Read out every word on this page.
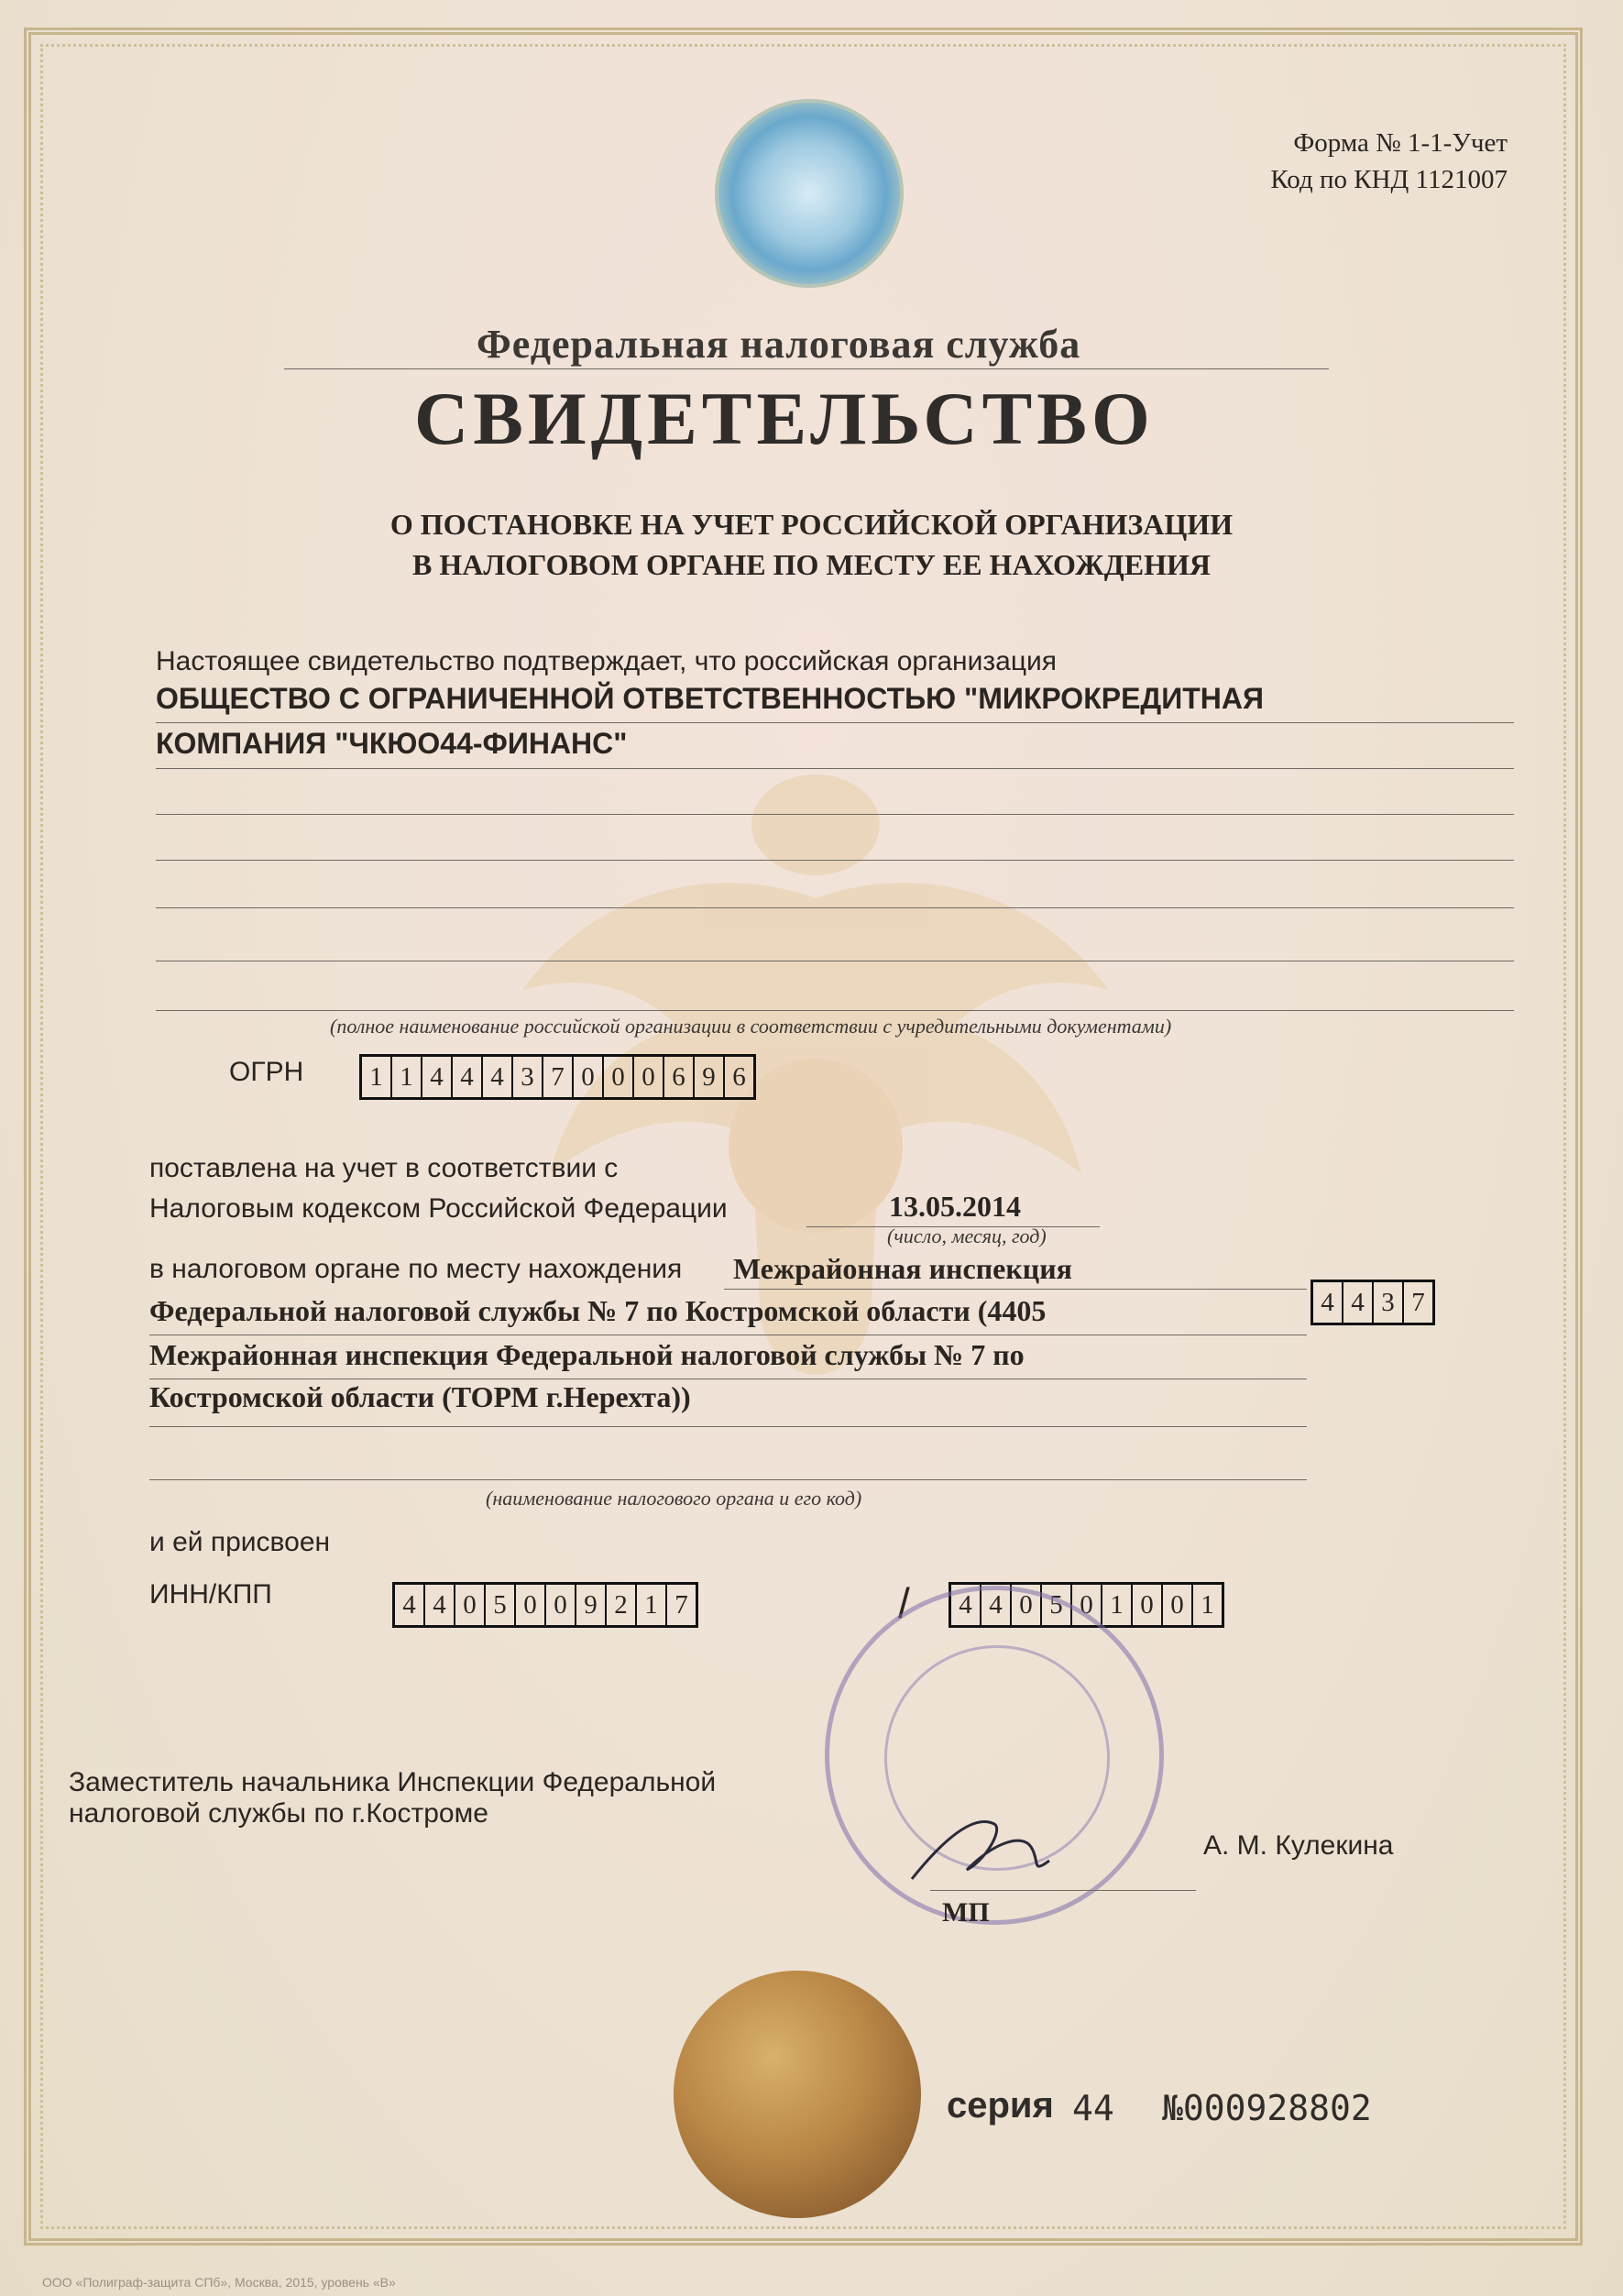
Форма № 1-1-Учет
Код по КНД 1121007
Федеральная налоговая служба
СВИДЕТЕЛЬСТВО
О ПОСТАНОВКЕ НА УЧЕТ РОССИЙСКОЙ ОРГАНИЗАЦИИ
В НАЛОГОВОМ ОРГАНЕ ПО МЕСТУ ЕЕ НАХОЖДЕНИЯ
Настоящее свидетельство подтверждает, что российская организация
ОБЩЕСТВО С ОГРАНИЧЕННОЙ ОТВЕТСТВЕННОСТЬЮ "МИКРОКРЕДИТНАЯ
КОМПАНИЯ "ЧКЮО44-ФИНАНС"
(полное наименование российской организации в соответствии с учредительными документами)
ОГРН 1 1 4 4 4 3 7 0 0 0 6 9 6
поставлена на учет в соответствии с
Налоговым кодексом Российской Федерации	13.05.2014
(число, месяц, год)
в налоговом органе по месту нахождения Межрайонная инспекция
Федеральной налоговой службы № 7 по Костромской области (4405	4 4 3 7
Межрайонная инспекция Федеральной налоговой службы № 7 по
Костромской области (ТОРМ г.Нерехта))
(наименование налогового органа и его код)
и ей присвоен
ИНН/КПП	4 4 0 5 0 0 9 2 1 7	/ 4 4 0 5 0 1 0 0 1
Заместитель начальника Инспекции Федеральной
налоговой службы по г.Костроме
А. М. Кулекина
МП
серия 44 №000928802
ООО «Полиграф-защита СПб», Москва, 2015, уровень «В»
